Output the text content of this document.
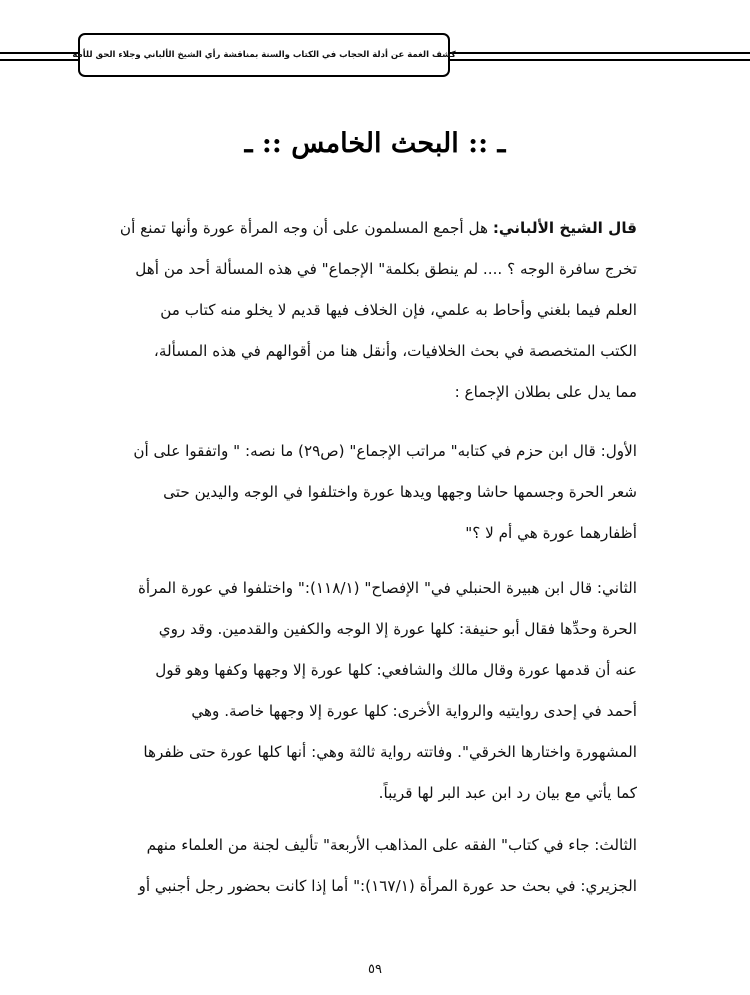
كشف الغمة عن أدلة الحجاب في الكتاب والسنة بمناقشة رأي الشيخ الألباني وجلاء الحق للأمة
ـ :: البحث الخامس :: ـ
قال الشيخ الألباني: هل أجمع المسلمون على أن وجه المرأة عورة وأنها تمنع أن
تخرج سافرة الوجه ؟ .... لم ينطق بكلمة" الإجماع" في هذه المسألة أحد من أهل
العلم فيما بلغني وأحاط به علمي، فإن الخلاف فيها قديم لا يخلو منه كتاب من
الكتب المتخصصة في بحث الخلافيات، وأنقل هنا من أقوالهم في هذه المسألة،
مما يدل على بطلان الإجماع :
الأول: قال ابن حزم في كتابه" مراتب الإجماع" (ص٢٩) ما نصه: " واتفقوا على أن
شعر الحرة وجسمها حاشا وجهها ويدها عورة واختلفوا في الوجه واليدين حتى
أظفارهما عورة هي أم لا ؟"
الثاني: قال ابن هبيرة الحنبلي في" الإفصاح" (١١٨/١):" واختلفوا في عورة المرأة
الحرة وحدِّها فقال أبو حنيفة: كلها عورة إلا الوجه والكفين والقدمين. وقد روي
عنه أن قدمها عورة وقال مالك والشافعي: كلها عورة إلا وجهها وكفها وهو قول
أحمد في إحدى روايتيه والرواية الأخرى: كلها عورة إلا وجهها خاصة. وهي
المشهورة واختارها الخرقي". وفاتته رواية ثالثة وهي: أنها كلها عورة حتى ظفرها
كما يأتي مع بيان رد ابن عبد البر لها قريباً.
الثالث: جاء في كتاب" الفقه على المذاهب الأربعة" تأليف لجنة من العلماء منهم
الجزيري: في بحث حد عورة المرأة (١٦٧/١):" أما إذا كانت بحضور رجل أجنبي أو
٥٩
